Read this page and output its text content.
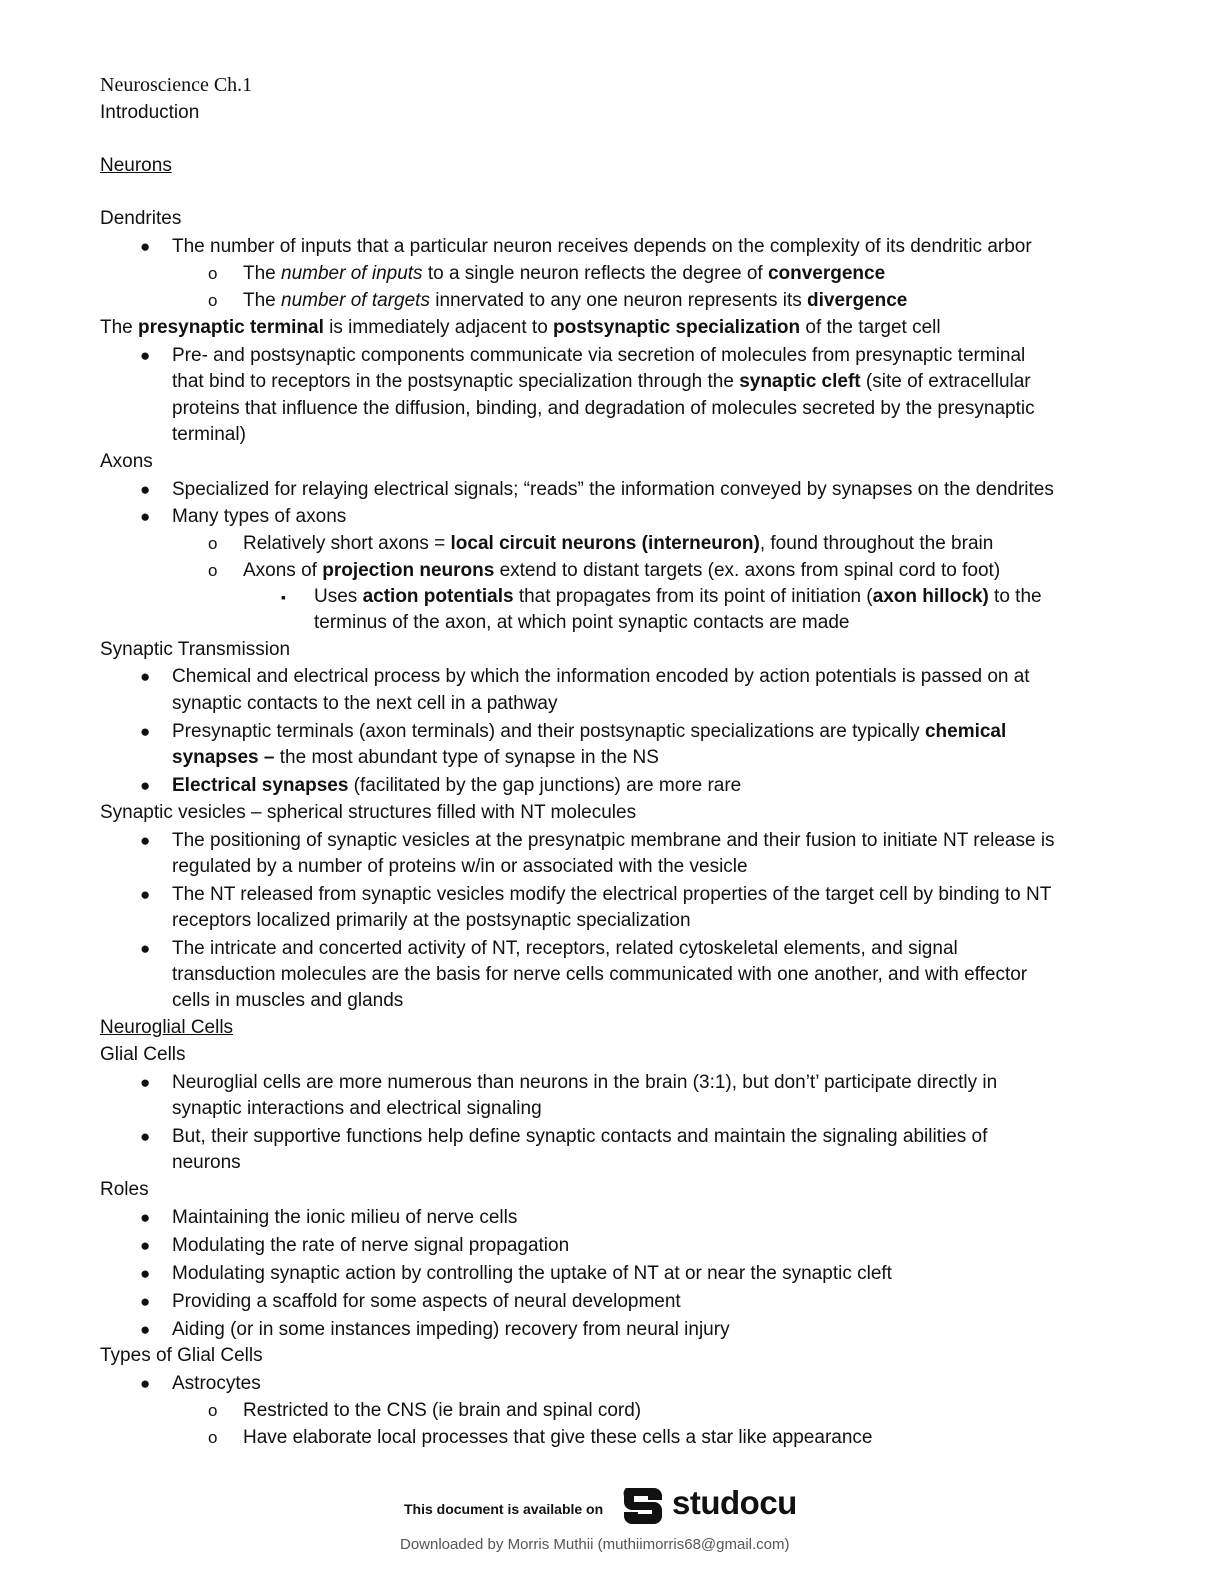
Neuroscience Ch.1
Introduction
Neurons
Dendrites
● The number of inputs that a particular neuron receives depends on the complexity of its dendritic arbor
o The number of inputs to a single neuron reflects the degree of convergence
o The number of targets innervated to any one neuron represents its divergence
The presynaptic terminal is immediately adjacent to postsynaptic specialization of the target cell
● Pre- and postsynaptic components communicate via secretion of molecules from presynaptic terminal
that bind to receptors in the postsynaptic specialization through the synaptic cleft (site of extracellular
proteins that influence the diffusion, binding, and degradation of molecules secreted by the presynaptic
terminal)
Axons
● Specialized for relaying electrical signals; “reads” the information conveyed by synapses on the dendrites
● Many types of axons
o Relatively short axons = local circuit neurons (interneuron), found throughout the brain
o Axons of projection neurons extend to distant targets (ex. axons from spinal cord to foot)
▪ Uses action potentials that propagates from its point of initiation (axon hillock) to the
terminus of the axon, at which point synaptic contacts are made
Synaptic Transmission
● Chemical and electrical process by which the information encoded by action potentials is passed on at
synaptic contacts to the next cell in a pathway
● Presynaptic terminals (axon terminals) and their postsynaptic specializations are typically chemical
synapses – the most abundant type of synapse in the NS
● Electrical synapses (facilitated by the gap junctions) are more rare
Synaptic vesicles – spherical structures filled with NT molecules
● The positioning of synaptic vesicles at the presynatpic membrane and their fusion to initiate NT release is
regulated by a number of proteins w/in or associated with the vesicle
● The NT released from synaptic vesicles modify the electrical properties of the target cell by binding to NT
receptors localized primarily at the postsynaptic specialization
● The intricate and concerted activity of NT, receptors, related cytoskeletal elements, and signal
transduction molecules are the basis for nerve cells communicated with one another, and with effector
cells in muscles and glands
Neuroglial Cells
Glial Cells
● Neuroglial cells are more numerous than neurons in the brain (3:1), but don’t’ participate directly in
synaptic interactions and electrical signaling
● But, their supportive functions help define synaptic contacts and maintain the signaling abilities of
neurons
Roles
● Maintaining the ionic milieu of nerve cells
● Modulating the rate of nerve signal propagation
● Modulating synaptic action by controlling the uptake of NT at or near the synaptic cleft
● Providing a scaffold for some aspects of neural development
● Aiding (or in some instances impeding) recovery from neural injury
Types of Glial Cells
● Astrocytes
o Restricted to the CNS (ie brain and spinal cord)
o Have elaborate local processes that give these cells a star like appearance
This document is available on studocu
Downloaded by Morris Muthii (muthiimorris68@gmail.com)
